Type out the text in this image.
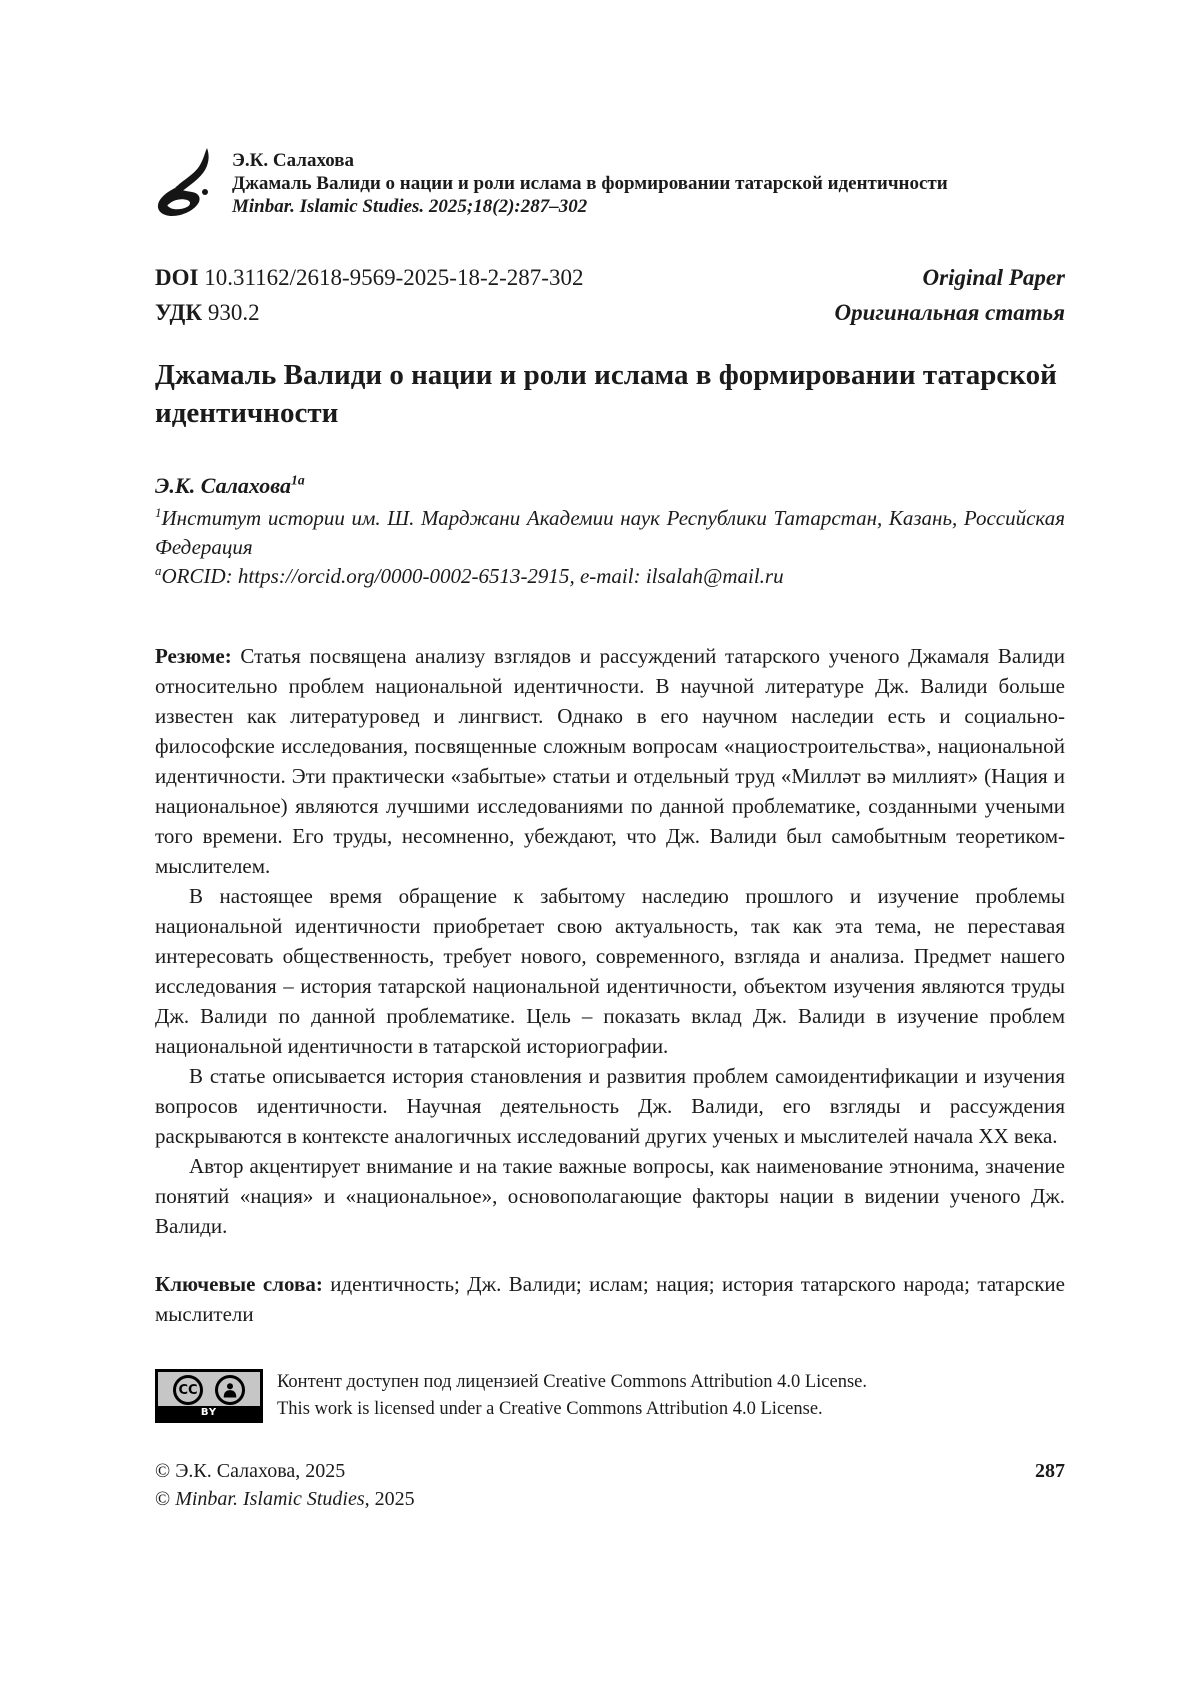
Э.К. Салахова
Джамаль Валиди о нации и роли ислама в формировании татарской идентичности
Minbar. Islamic Studies. 2025;18(2):287–302
DOI 10.31162/2618-9569-2025-18-2-287-302	Original Paper
УДК 930.2	Оригинальная статья
Джамаль Валиди о нации и роли ислама в формировании татарской идентичности
Э.К. Салахова$^{1a}$

$^1$Институт истории им. Ш. Марджани Академии наук Республики Татарстан, Казань, Российская Федерация

$^a$ORCID: https://orcid.org/0000-0002-6513-2915, e-mail: ilsalah@mail.ru

Резюме: Статья посвящена анализу взглядов и рассуждений татарского ученого Джамаля Валиди относительно проблем национальной идентичности. В научной литературе Дж. Валиди больше известен как литературовед и лингвист. Однако в его научном наследии есть и социально-философские исследования, посвященные сложным вопросам «нациостроительства», национальной идентичности. Эти практически «забытые» статьи и отдельный труд «Милләт вә миллият» (Нация и национальное) являются лучшими исследованиями по данной проблематике, созданными учеными того времени. Его труды, несомненно, убеждают, что Дж. Валиди был самобытным теоретиком-мыслителем.

В настоящее время обращение к забытому наследию прошлого и изучение проблемы национальной идентичности приобретает свою актуальность, так как эта тема, не переставая интересовать общественность, требует нового, современного, взгляда и анализа. Предмет нашего исследования – история татарской национальной идентичности, объектом изучения являются труды Дж. Валиди по данной проблематике. Цель – показать вклад Дж. Валиди в изучение проблем национальной идентичности в татарской историографии.

В статье описывается история становления и развития проблем самоидентификации и изучения вопросов идентичности. Научная деятельность Дж. Валиди, его взгляды и рассуждения раскрываются в контексте аналогичных исследований других ученых и мыслителей начала XX века.

Автор акцентирует внимание и на такие важные вопросы, как наименование этнонима, значение понятий «нация» и «национальное», основополагающие факторы нации в видении ученого Дж. Валиди.

Ключевые слова: идентичность; Дж. Валиди; ислам; нация; история татарского народа; татарские мыслители

CC
BY
Контент доступен под лицензией Creative Commons Attribution 4.0 License.
This work is licensed under a Creative Commons Attribution 4.0 License.
© Э.К. Салахова, 2025
© Minbar. Islamic Studies, 2025
287
